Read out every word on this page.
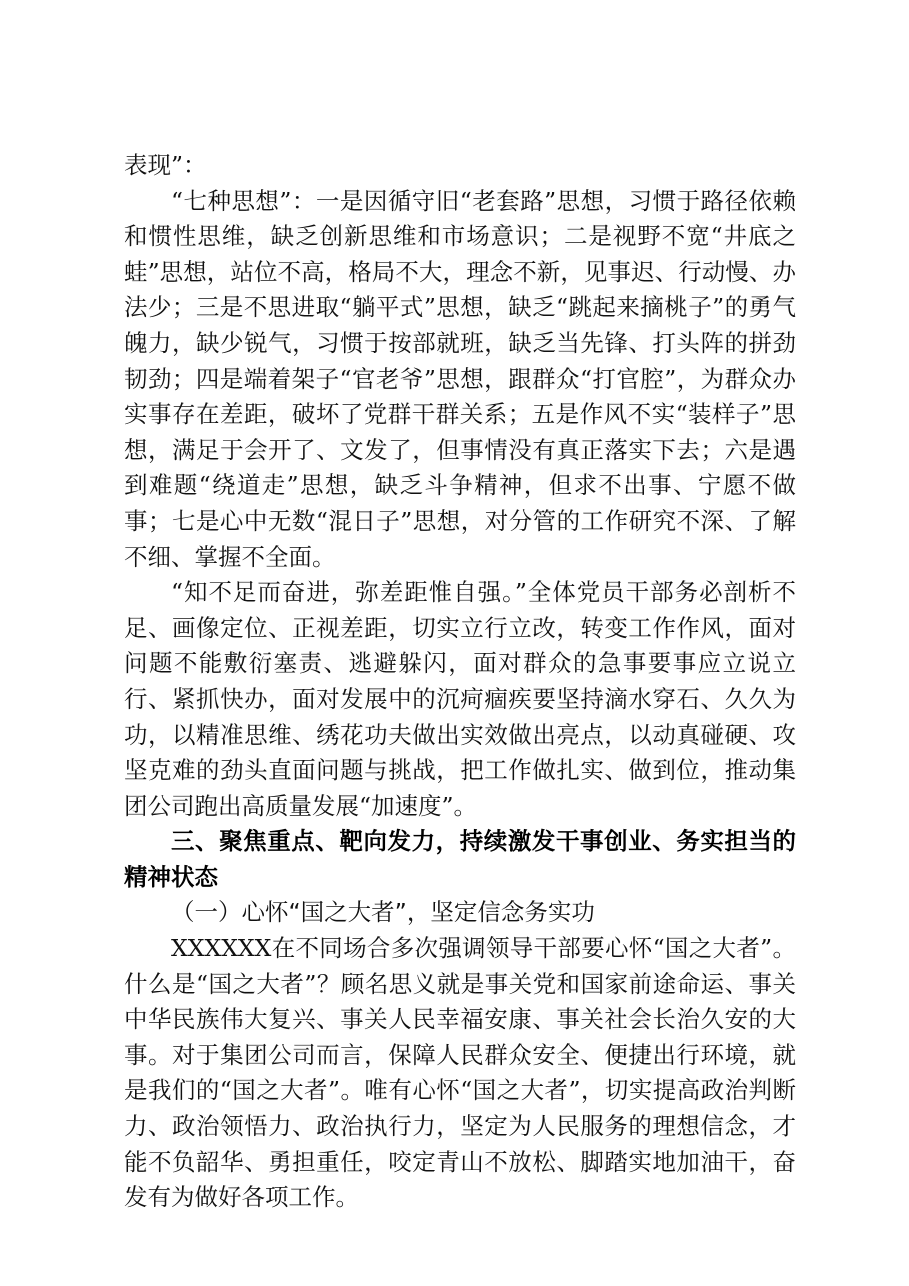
表现”：

“七种思想”：一是因循守旧“老套路”思想，习惯于路径依赖和惯性思维，缺乏创新思维和市场意识；二是视野不宽“井底之蛙”思想，站位不高，格局不大，理念不新，见事迟、行动慢、办法少；三是不思进取“躺平式”思想，缺乏“跳起来摘桃子”的勇气魄力，缺少锐气，习惯于按部就班，缺乏当先锋、打头阵的拼劲韧劲；四是端着架子“官老爷”思想，跟群众“打官腔”，为群众办实事存在差距，破坏了党群干群关系；五是作风不实“装样子”思想，满足于会开了、文发了，但事情没有真正落实下去；六是遇到难题“绕道走”思想，缺乏斗争精神，但求不出事、宁愿不做事；七是心中无数“混日子”思想，对分管的工作研究不深、了解不细、掌握不全面。

“知不足而奋进，弥差距惟自强。”全体党员干部务必剖析不足、画像定位、正视差距，切实立行立改，转变工作作风，面对问题不能敷衍塞责、逃避躲闪，面对群众的急事要事应立说立行、紧抓快办，面对发展中的沉疴痼疾要坚持滴水穿石、久久为功，以精准思维、绣花功夫做出实效做出亮点，以动真碰硬、攻坚克难的劲头直面问题与挑战，把工作做扎实、做到位，推动集团公司跑出高质量发展“加速度”。

三、聚焦重点、靶向发力，持续激发干事创业、务实担当的精神状态

（一）心怀“国之大者”，坚定信念务实功

XXXXXX在不同场合多次强调领导干部要心怀“国之大者”。什么是“国之大者”？顾名思义就是事关党和国家前途命运、事关中华民族伟大复兴、事关人民幸福安康、事关社会长治久安的大事。对于集团公司而言，保障人民群众安全、便捷出行环境，就是我们的“国之大者”。唯有心怀“国之大者”，切实提高政治判断力、政治领悟力、政治执行力，坚定为人民服务的理想信念，才能不负韶华、勇担重任，咬定青山不放松、脚踏实地加油干，奋发有为做好各项工作。
